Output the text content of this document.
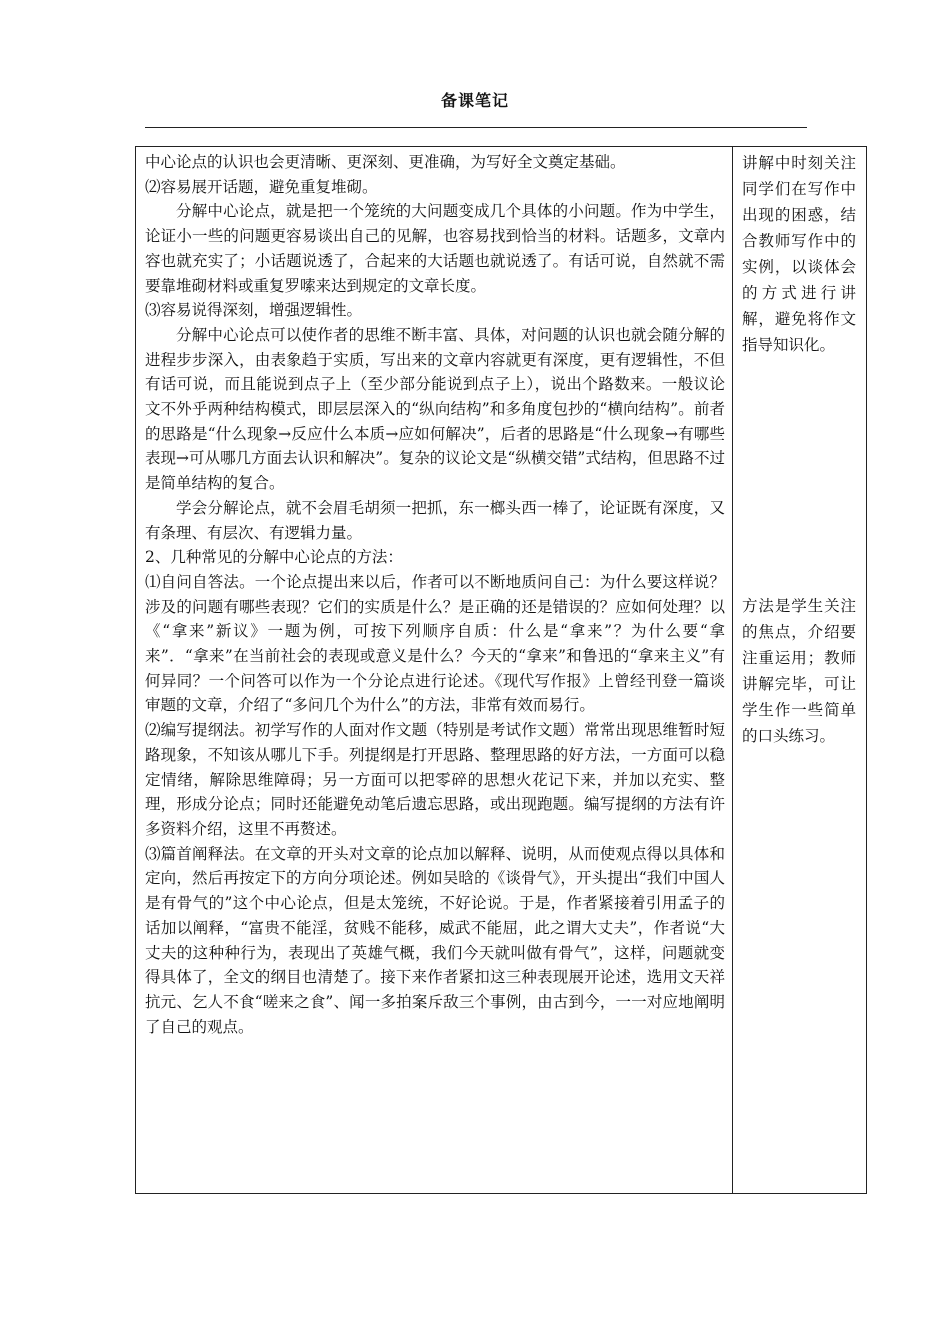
备课笔记

中心论点的认识也会更清晰、更深刻、更准确，为写好全文奠定基础。

⑵容易展开话题，避免重复堆砌。

分解中心论点，就是把一个笼统的大问题变成几个具体的小问题。作为中学生，论证小一些的问题更容易谈出自己的见解，也容易找到恰当的材料。话题多，文章内容也就充实了；小话题说透了，合起来的大话题也就说透了。有话可说，自然就不需要靠堆砌材料或重复罗嗦来达到规定的文章长度。

⑶容易说得深刻，增强逻辑性。

分解中心论点可以使作者的思维不断丰富、具体，对问题的认识也就会随分解的进程步步深入，由表象趋于实质，写出来的文章内容就更有深度，更有逻辑性，不但有话可说，而且能说到点子上（至少部分能说到点子上），说出个路数来。一般议论文不外乎两种结构模式，即层层深入的“纵向结构”和多角度包抄的“横向结构”。前者的思路是“什么现象→反应什么本质→应如何解决”，后者的思路是“什么现象→有哪些表现→可从哪几方面去认识和解决”。复杂的议论文是“纵横交错”式结构，但思路不过是简单结构的复合。

学会分解论点，就不会眉毛胡须一把抓，东一榔头西一棒了，论证既有深度，又有条理、有层次、有逻辑力量。

2、几种常见的分解中心论点的方法：

⑴自问自答法。一个论点提出来以后，作者可以不断地质问自己：为什么要这样说？涉及的问题有哪些表现？它们的实质是什么？是正确的还是错误的？应如何处理？以《“拿来”新议》一题为例，可按下列顺序自质：什么是“拿来”？为什么要“拿来”．“拿来”在当前社会的表现或意义是什么？今天的“拿来”和鲁迅的“拿来主义”有何异同？一个问答可以作为一个分论点进行论述。《现代写作报》上曾经刊登一篇谈审题的文章，介绍了“多问几个为什么”的方法，非常有效而易行。

⑵编写提纲法。初学写作的人面对作文题（特别是考试作文题）常常出现思维暂时短路现象，不知该从哪儿下手。列提纲是打开思路、整理思路的好方法，一方面可以稳定情绪，解除思维障碍；另一方面可以把零碎的思想火花记下来，并加以充实、整理，形成分论点；同时还能避免动笔后遗忘思路，或出现跑题。编写提纲的方法有许多资料介绍，这里不再赘述。

⑶篇首阐释法。在文章的开头对文章的论点加以解释、说明，从而使观点得以具体和定向，然后再按定下的方向分项论述。例如吴晗的《谈骨气》，开头提出“我们中国人是有骨气的”这个中心论点，但是太笼统，不好论说。于是，作者紧接着引用孟子的话加以阐释，“富贵不能淫，贫贱不能移，威武不能屈，此之谓大丈夫”，作者说“大丈夫的这种种行为，表现出了英雄气概，我们今天就叫做有骨气”，这样，问题就变得具体了，全文的纲目也清楚了。接下来作者紧扣这三种表现展开论述，选用文天祥抗元、乞人不食“嗟来之食”、闻一多拍案斥敌三个事例，由古到今，一一对应地阐明了自己的观点。

讲解中时刻关注同学们在写作中出现的困惑，结合教师写作中的实例，以谈体会的方式进行讲解，避免将作文指导知识化。

方法是学生关注的焦点，介绍要注重运用；教师讲解完毕，可让学生作一些简单的口头练习。
